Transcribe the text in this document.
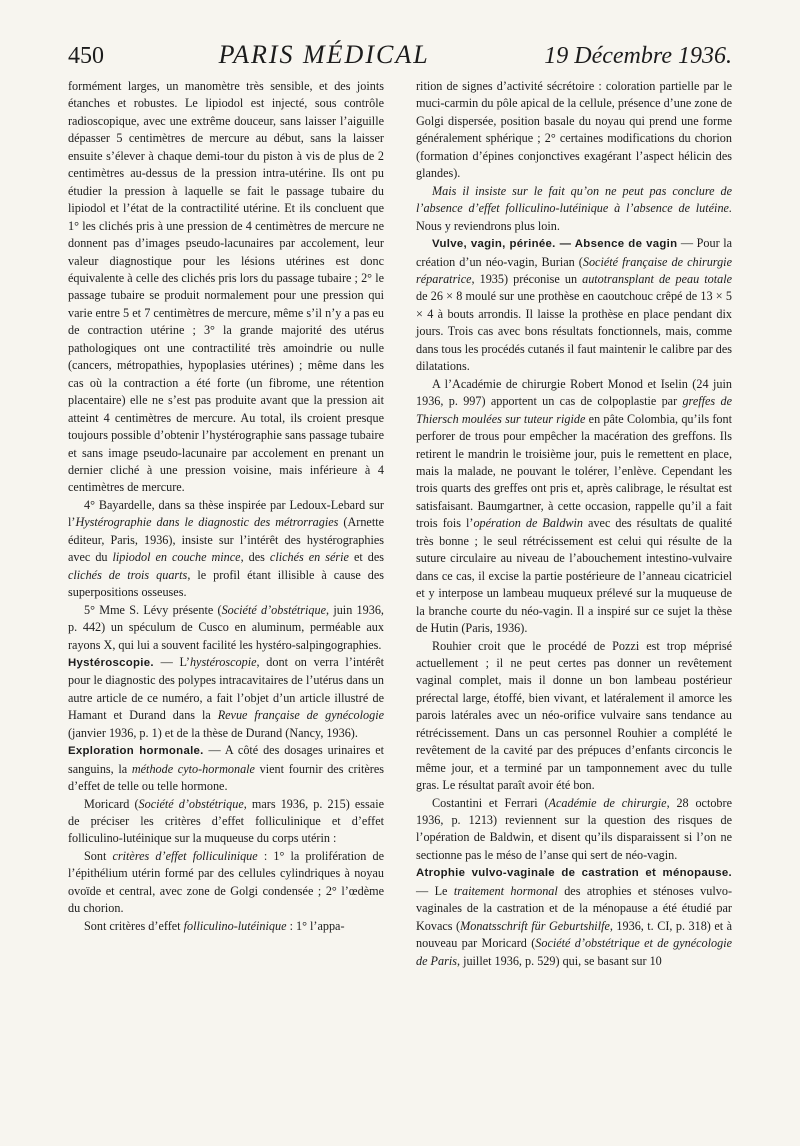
450	PARIS MÉDICAL	19 Décembre 1936.

formément larges, un manomètre très sensible, et des joints étanches et robustes. Le lipiodol est injecté, sous contrôle radioscopique, avec une extrême douceur, sans laisser l’aiguille dépasser 5 centimètres de mercure au début, sans la laisser ensuite s’élever à chaque demi-tour du piston à vis de plus de 2 centimètres au-dessus de la pression intra-utérine. Ils ont pu étudier la pression à laquelle se fait le passage tubaire du lipiodol et l’état de la contractilité utérine. Et ils concluent que 1° les clichés pris à une pression de 4 centimètres de mercure ne donnent pas d’images pseudo-lacunaires par accolement, leur valeur diagnostique pour les lésions utérines est donc équivalente à celle des clichés pris lors du passage tubaire ; 2° le passage tubaire se produit normalement pour une pression qui varie entre 5 et 7 centimètres de mercure, même s’il n’y a pas eu de contraction utérine ; 3° la grande majorité des utérus pathologiques ont une contractilité très amoindrie ou nulle (cancers, métropathies, hypoplasies utérines) ; même dans les cas où la contraction a été forte (un fibrome, une rétention placentaire) elle ne s’est pas produite avant que la pression ait atteint 4 centimètres de mercure. Au total, ils croient presque toujours possible d’obtenir l’hystérographie sans passage tubaire et sans image pseudo-lacunaire par accolement en prenant un dernier cliché à une pression voisine, mais inférieure à 4 centimètres de mercure.

4° Bayardelle, dans sa thèse inspirée par Ledoux-Lebard sur l’Hystérographie dans le diagnostic des métrorragies (Arnette éditeur, Paris, 1936), insiste sur l’intérêt des hystérographies avec du lipiodol en couche mince, des clichés en série et des clichés de trois quarts, le profil étant illisible à cause des superpositions osseuses.

5° Mme S. Lévy présente (Société d’obstétrique, juin 1936, p. 442) un spéculum de Cusco en aluminum, perméable aux rayons X, qui lui a souvent facilité les hystéro-salpingographies.

Hystéroscopie. — L’hystéroscopie, dont on verra l’intérêt pour le diagnostic des polypes intracavitaires de l’utérus dans un autre article de ce numéro, a fait l’objet d’un article illustré de Hamant et Durand dans la Revue française de gynécologie (janvier 1936, p. 1) et de la thèse de Durand (Nancy, 1936).

Exploration hormonale. — A côté des dosages urinaires et sanguins, la méthode cyto-hormonale vient fournir des critères d’effet de telle ou telle hormone.

Moricard (Société d’obstétrique, mars 1936, p. 215) essaie de préciser les critères d’effet folliculinique et d’effet folliculino-lutéinique sur la muqueuse du corps utérin :

Sont critères d’effet folliculinique : 1° la prolifération de l’épithélium utérin formé par des cellules cylindriques à noyau ovoïde et central, avec zone de Golgi condensée ; 2° l’œdème du chorion.

Sont critères d’effet folliculino-lutéinique : 1° l’appa-

rition de signes d’activité sécrétoire : coloration partielle par le muci-carmin du pôle apical de la cellule, présence d’une zone de Golgi dispersée, position basale du noyau qui prend une forme généralement sphérique ; 2° certaines modifications du chorion (formation d’épines conjonctives exagérant l’aspect hélicin des glandes).

Mais il insiste sur le fait qu’on ne peut pas conclure de l’absence d’effet folliculino-lutéinique à l’absence de lutéine. Nous y reviendrons plus loin.

Vulve, vagin, périnée. — Absence de vagin — Pour la création d’un néo-vagin, Burian (Société française de chirurgie réparatrice, 1935) préconise un autotransplant de peau totale de 26 × 8 moulé sur une prothèse en caoutchouc crêpé de 13 × 5 × 4 à bouts arrondis. Il laisse la prothèse en place pendant dix jours. Trois cas avec bons résultats fonctionnels, mais, comme dans tous les procédés cutanés il faut maintenir le calibre par des dilatations.

A l’Académie de chirurgie Robert Monod et Iselin (24 juin 1936, p. 997) apportent un cas de colpoplastie par greffes de Thiersch moulées sur tuteur rigide en pâte Colombia, qu’ils font perforer de trous pour empêcher la macération des greffons. Ils retirent le mandrin le troisième jour, puis le remettent en place, mais la malade, ne pouvant le tolérer, l’enlève. Cependant les trois quarts des greffes ont pris et, après calibrage, le résultat est satisfaisant. Baumgartner, à cette occasion, rappelle qu’il a fait trois fois l’opération de Baldwin avec des résultats de qualité très bonne ; le seul rétrécissement est celui qui résulte de la suture circulaire au niveau de l’abouchement intestino-vulvaire dans ce cas, il excise la partie postérieure de l’anneau cicatriciel et y interpose un lambeau muqueux prélevé sur la muqueuse de la branche courte du néo-vagin. Il a inspiré sur ce sujet la thèse de Hutin (Paris, 1936).

Rouhier croit que le procédé de Pozzi est trop méprisé actuellement ; il ne peut certes pas donner un revêtement vaginal complet, mais il donne un bon lambeau postérieur prérectal large, étoffé, bien vivant, et latéralement il amorce les parois latérales avec un néo-orifice vulvaire sans tendance au rétrécissement. Dans un cas personnel Rouhier a complété le revêtement de la cavité par des prépuces d’enfants circoncis le même jour, et a terminé par un tamponnement avec du tulle gras. Le résultat paraît avoir été bon.

Costantini et Ferrari (Académie de chirurgie, 28 octobre 1936, p. 1213) reviennent sur la question des risques de l’opération de Baldwin, et disent qu’ils disparaissent si l’on ne sectionne pas le méso de l’anse qui sert de néo-vagin.

Atrophie vulvo-vaginale de castration et ménopause. — Le traitement hormonal des atrophies et sténoses vulvo-vaginales de la castration et de la ménopause a été étudié par Kovacs (Monatsschrift für Geburtshilfe, 1936, t. CI, p. 318) et à nouveau par Moricard (Société d’obstétrique et de gynécologie de Paris, juillet 1936, p. 529) qui, se basant sur 10
